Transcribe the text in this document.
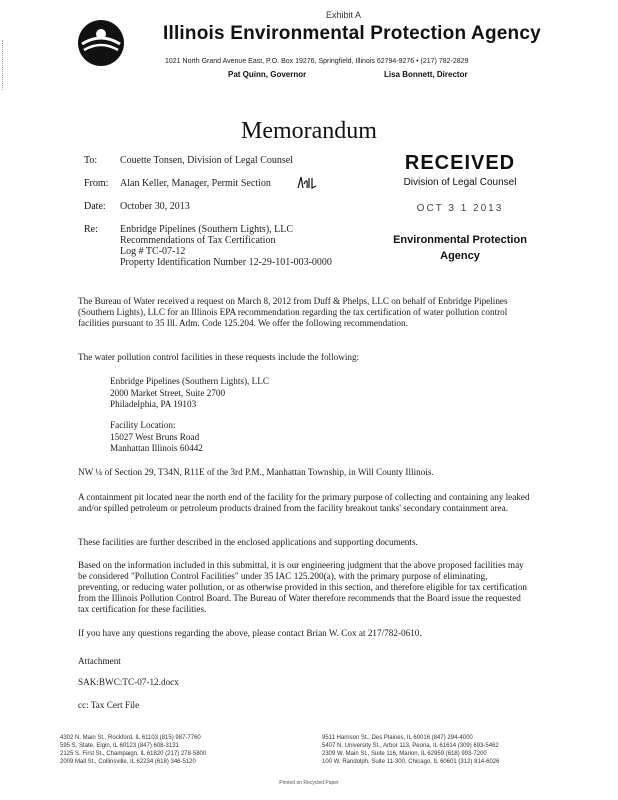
Exhibit A
Illinois Environmental Protection Agency
1021 North Grand Avenue East, P.O. Box 19276, Springfield, Illinois 62794-9276 • (217) 782-2829
Pat Quinn, Governor	Lisa Bonnett, Director
Memorandum
To: Couette Tonsen, Division of Legal Counsel
From: Alan Keller, Manager, Permit Section
Date: October 30, 2013
Re: Enbridge Pipelines (Southern Lights), LLC
Recommendations of Tax Certification
Log # TC-07-12
Property Identification Number 12-29-101-003-0000
RECEIVED
Division of Legal Counsel
OCT 3 1 2013
Environmental Protection
Agency
The Bureau of Water received a request on March 8, 2012 from Duff & Phelps, LLC on behalf of Enbridge Pipelines (Southern Lights), LLC for an Illinois EPA recommendation regarding the tax certification of water pollution control facilities pursuant to 35 Ill. Adm. Code 125.204. We offer the following recommendation.
The water pollution control facilities in these requests include the following:
Enbridge Pipelines (Southern Lights), LLC
2000 Market Street, Suite 2700
Philadelphia, PA 19103
Facility Location:
15027 West Bruns Road
Manhattan Illinois 60442
NW ¼ of Section 29, T34N, R11E of the 3rd P.M., Manhattan Township, in Will County Illinois.
A containment pit located near the north end of the facility for the primary purpose of collecting and containing any leaked and/or spilled petroleum or petroleum products drained from the facility breakout tanks' secondary containment area.
These facilities are further described in the enclosed applications and supporting documents.
Based on the information included in this submittal, it is our engineering judgment that the above proposed facilities may be considered "Pollution Control Facilities" under 35 IAC 125.200(a), with the primary purpose of eliminating, preventing, or reducing water pollution, or as otherwise provided in this section, and therefore eligible for tax certification from the Illinois Pollution Control Board. The Bureau of Water therefore recommends that the Board issue the requested tax certification for these facilities.
If you have any questions regarding the above, please contact Brian W. Cox at 217/782-0610.
Attachment
SAK:BWC:TC-07-12.docx
cc: Tax Cert File
4302 N. Main St., Rockford, IL 61103 (815) 987-7760
595 S. State, Elgin, IL 60123 (847) 608-3131
2125 S. First St., Champaign, IL 61820 (217) 278-5800
2009 Mall St., Collinsville, IL 62234 (618) 346-5120
9511 Harrison St., Des Plaines, IL 60016 (847) 294-4000
5407 N. University St., Arbor 113, Peoria, IL 61614 (309) 693-5462
2309 W. Main St., Suite 116, Marion, IL 62959 (618) 993-7200
100 W. Randolph, Suite 11-300, Chicago, IL 60601 (312) 814-6026
Printed on Recycled Paper
